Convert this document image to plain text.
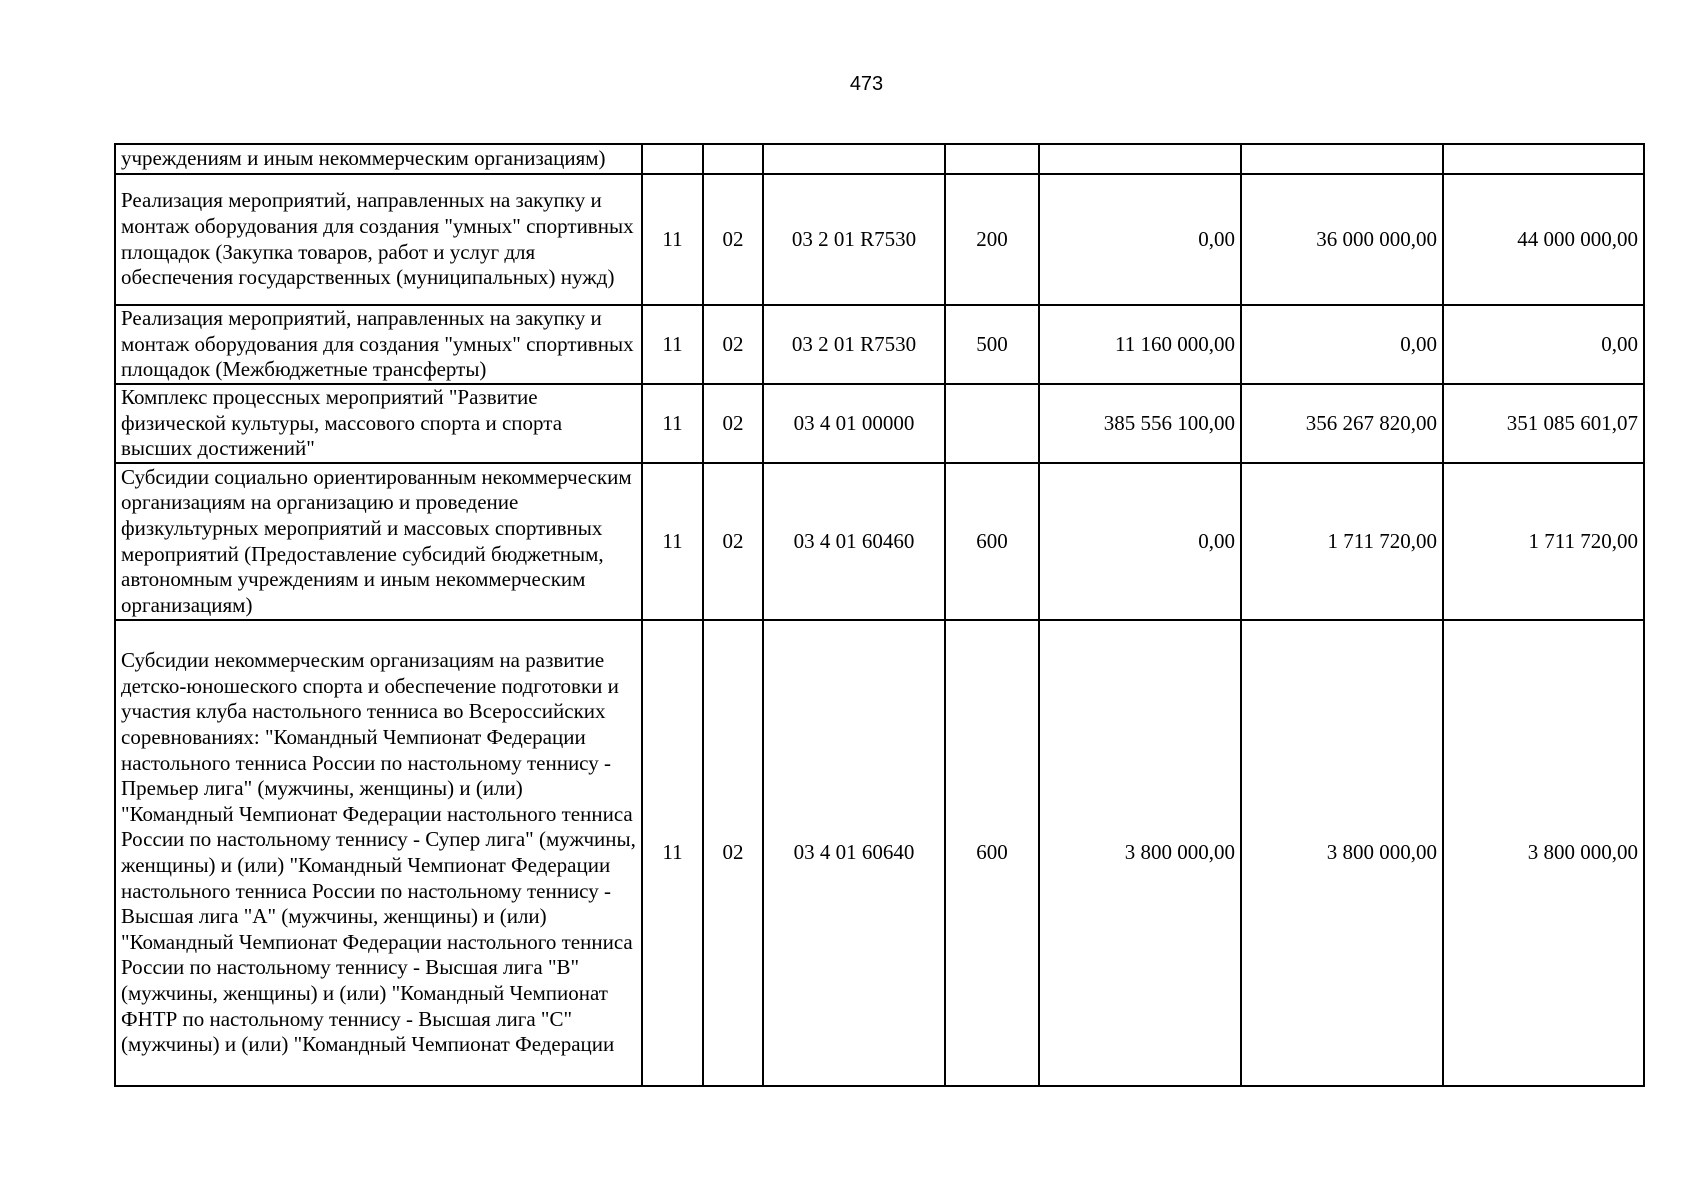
473
учреждениям и иным некоммерческим организациям)							
Реализация мероприятий, направленных на закупку и монтаж оборудования для создания "умных" спортивных площадок (Закупка товаров, работ и услуг для обеспечения государственных (муниципальных) нужд)	11	02	03 2 01 R7530	200	0,00	36 000 000,00	44 000 000,00
Реализация мероприятий, направленных на закупку и монтаж оборудования для создания "умных" спортивных площадок (Межбюджетные трансферты)	11	02	03 2 01 R7530	500	11 160 000,00	0,00	0,00
Комплекс процессных мероприятий "Развитие физической культуры, массового спорта и спорта высших достижений"	11	02	03 4 01 00000		385 556 100,00	356 267 820,00	351 085 601,07
Субсидии социально ориентированным некоммерческим организациям на организацию и проведение физкультурных мероприятий и массовых спортивных мероприятий (Предоставление субсидий бюджетным, автономным учреждениям и иным некоммерческим организациям)	11	02	03 4 01 60460	600	0,00	1 711 720,00	1 711 720,00
Субсидии некоммерческим организациям на развитие детско-юношеского спорта и обеспечение подготовки и участия клуба настольного тенниса во Всероссийских соревнованиях: "Командный Чемпионат Федерации настольного тенниса России по настольному теннису - Премьер лига" (мужчины, женщины) и (или) "Командный Чемпионат Федерации настольного тенниса России по настольному теннису - Супер лига" (мужчины, женщины) и (или) "Командный Чемпионат Федерации настольного тенниса России по настольному теннису - Высшая лига "А" (мужчины, женщины) и (или) "Командный Чемпионат Федерации настольного тенниса России по настольному теннису - Высшая лига "В" (мужчины, женщины) и (или) "Командный Чемпионат ФНТР по настольному теннису - Высшая лига "С" (мужчины) и (или) "Командный Чемпионат Федерации	11	02	03 4 01 60640	600	3 800 000,00	3 800 000,00	3 800 000,00
